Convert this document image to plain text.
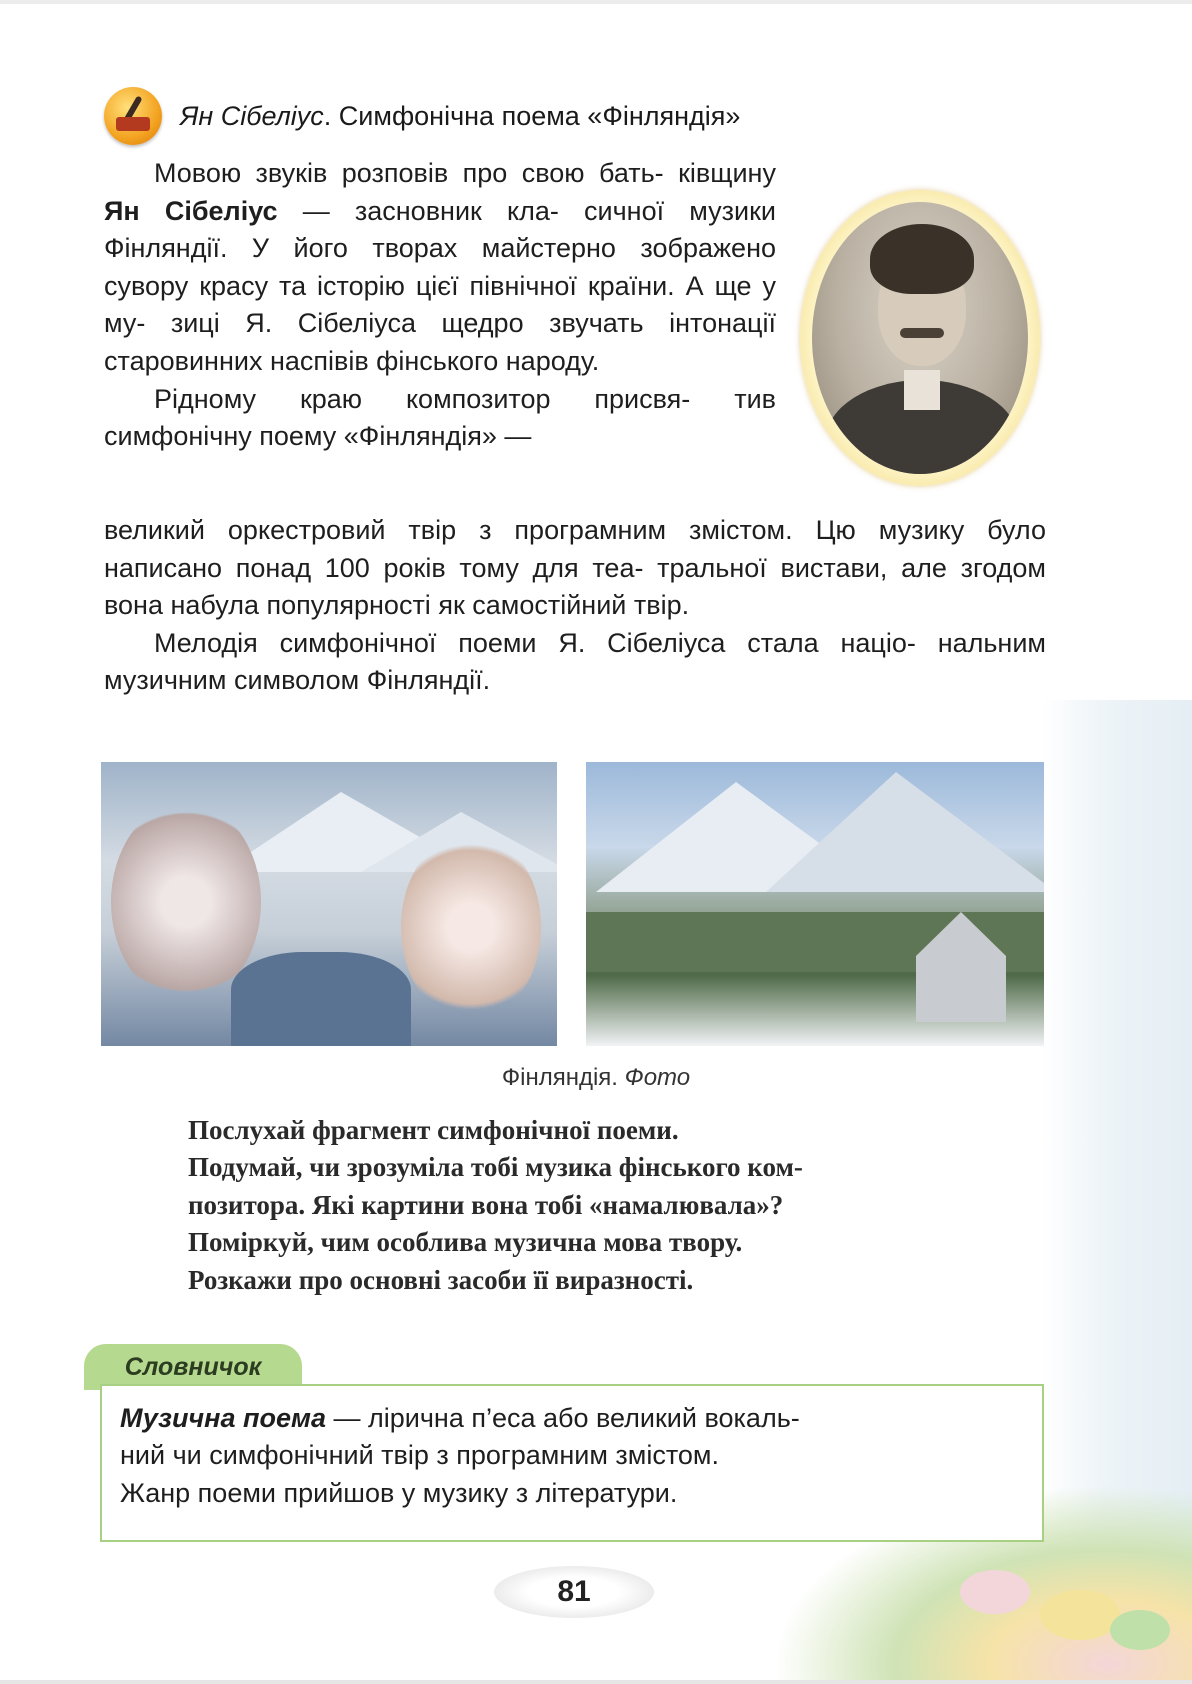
Ян Сібеліус. Симфонічна поема «Фінляндія»

Мовою звуків розповів про свою бать- ківщину Ян Сібеліус — засновник кла- сичної музики Фінляндії. У його творах майстерно зображено сувору красу та історію цієї північної країни. А ще у му- зиці Я. Сібеліуса щедро звучать інтонації старовинних наспівів фінського народу.

Рідному краю композитор присвя- тив симфонічну поему «Фінляндія» —

великий оркестровий твір з програмним змістом. Цю музику було написано понад 100 років тому для теа- тральної вистави, але згодом вона набула популярності як самостійний твір.

Мелодія симфонічної поеми Я. Сібеліуса стала націо- нальним музичним символом Фінляндії.

Фінляндія. Фото

Послухай фрагмент симфонічної поеми.

Подумай, чи зрозуміла тобі музика фінського ком-

позитора. Які картини вона тобі «намалювала»?

Поміркуй, чим особлива музична мова твору.

Розкажи про основні засоби її виразності.

Словничок

Музична поема — лірична п’еса або великий вокаль-

ний чи симфонічний твір з програмним змістом.

Жанр поеми прийшов у музику з літератури.

81
